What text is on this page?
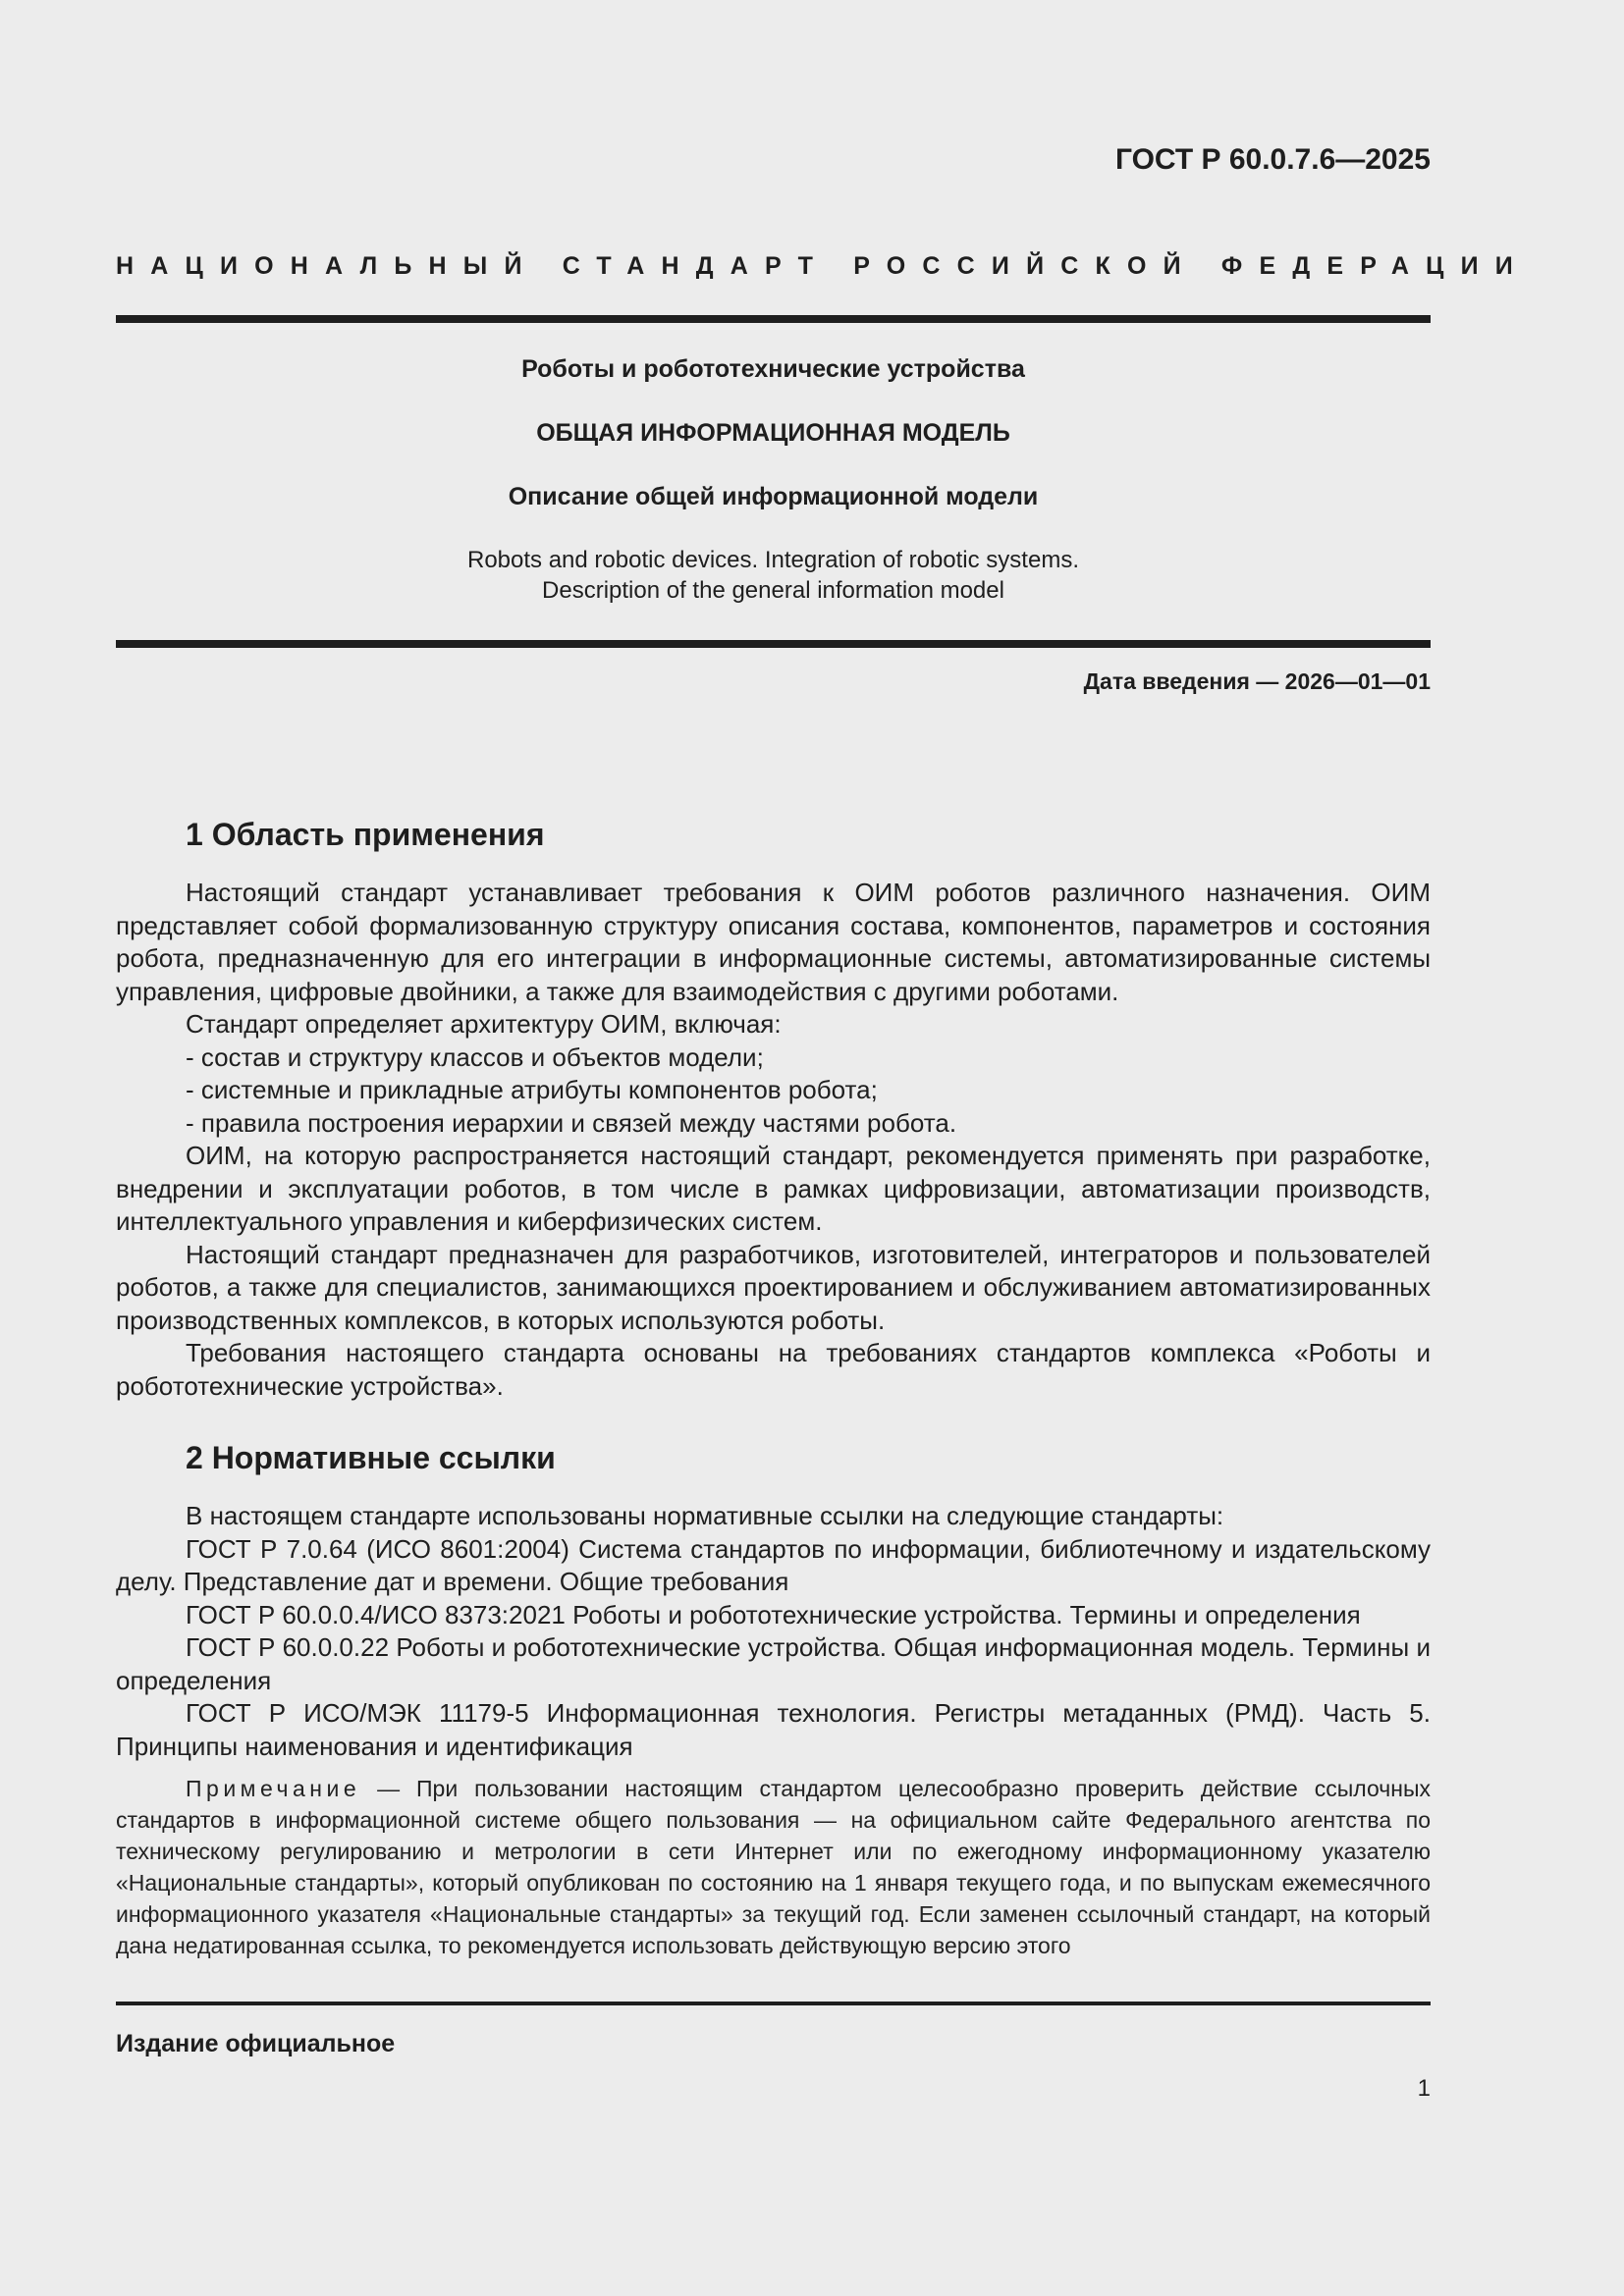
ГОСТ Р 60.0.7.6—2025
НАЦИОНАЛЬНЫЙ СТАНДАРТ РОССИЙСКОЙ ФЕДЕРАЦИИ
Роботы и робототехнические устройства
ОБЩАЯ ИНФОРМАЦИОННАЯ МОДЕЛЬ
Описание общей информационной модели
Robots and robotic devices. Integration of robotic systems.
Description of the general information model
Дата введения — 2026—01—01
1 Область применения

Настоящий стандарт устанавливает требования к ОИМ роботов различного назначения. ОИМ представляет собой формализованную структуру описания состава, компонентов, параметров и состояния робота, предназначенную для его интеграции в информационные системы, автоматизированные системы управления, цифровые двойники, а также для взаимодействия с другими роботами.

Стандарт определяет архитектуру ОИМ, включая:

- состав и структуру классов и объектов модели;

- системные и прикладные атрибуты компонентов робота;

- правила построения иерархии и связей между частями робота.

ОИМ, на которую распространяется настоящий стандарт, рекомендуется применять при разработке, внедрении и эксплуатации роботов, в том числе в рамках цифровизации, автоматизации производств, интеллектуального управления и киберфизических систем.

Настоящий стандарт предназначен для разработчиков, изготовителей, интеграторов и пользователей роботов, а также для специалистов, занимающихся проектированием и обслуживанием автоматизированных производственных комплексов, в которых используются роботы.

Требования настоящего стандарта основаны на требованиях стандартов комплекса «Роботы и робототехнические устройства».

2 Нормативные ссылки

В настоящем стандарте использованы нормативные ссылки на следующие стандарты:

ГОСТ Р 7.0.64 (ИСО 8601:2004) Система стандартов по информации, библиотечному и издательскому делу. Представление дат и времени. Общие требования

ГОСТ Р 60.0.0.4/ИСО 8373:2021 Роботы и робототехнические устройства. Термины и определения

ГОСТ Р 60.0.0.22 Роботы и робототехнические устройства. Общая информационная модель. Термины и определения

ГОСТ Р ИСО/МЭК 11179-5 Информационная технология. Регистры метаданных (РМД). Часть 5. Принципы наименования и идентификация

Примечание — При пользовании настоящим стандартом целесообразно проверить действие ссылочных стандартов в информационной системе общего пользования — на официальном сайте Федерального агентства по техническому регулированию и метрологии в сети Интернет или по ежегодному информационному указателю «Национальные стандарты», который опубликован по состоянию на 1 января текущего года, и по выпускам ежемесячного информационного указателя «Национальные стандарты» за текущий год. Если заменен ссылочный стандарт, на который дана недатированная ссылка, то рекомендуется использовать действующую версию этого
Издание официальное
1
